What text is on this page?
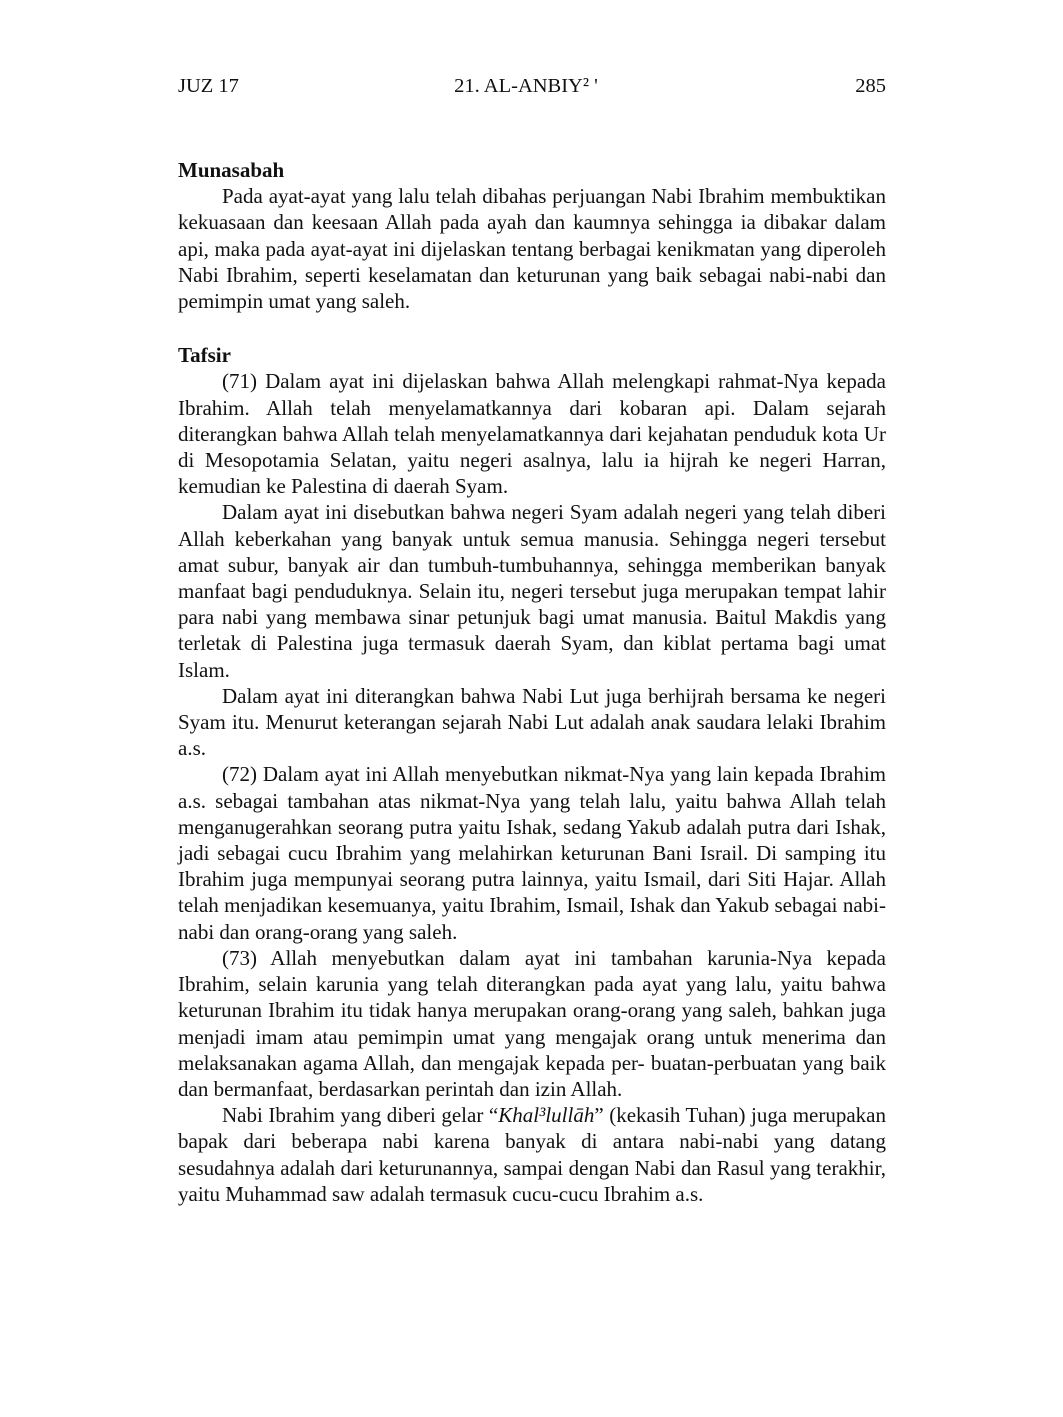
JUZ 17	21. AL-ANBIY² '	285
Munasabah

Pada ayat-ayat yang lalu telah dibahas perjuangan Nabi Ibrahim membuktikan kekuasaan dan keesaan Allah pada ayah dan kaumnya sehingga ia dibakar dalam api, maka pada ayat-ayat ini dijelaskan tentang berbagai kenikmatan yang diperoleh Nabi Ibrahim, seperti keselamatan dan keturunan yang baik sebagai nabi-nabi dan pemimpin umat yang saleh.

Tafsir

(71) Dalam ayat ini dijelaskan bahwa Allah melengkapi rahmat-Nya kepada Ibrahim. Allah telah menyelamatkannya dari kobaran api. Dalam sejarah diterangkan bahwa Allah telah menyelamatkannya dari kejahatan penduduk kota Ur di Mesopotamia Selatan, yaitu negeri asalnya, lalu ia hijrah ke negeri Harran, kemudian ke Palestina di daerah Syam.

Dalam ayat ini disebutkan bahwa negeri Syam adalah negeri yang telah diberi Allah keberkahan yang banyak untuk semua manusia. Sehingga negeri tersebut amat subur, banyak air dan tumbuh-tumbuhannya, sehingga memberikan banyak manfaat bagi penduduknya. Selain itu, negeri tersebut juga merupakan tempat lahir para nabi yang membawa sinar petunjuk bagi umat manusia. Baitul Makdis yang terletak di Palestina juga termasuk daerah Syam, dan kiblat pertama bagi umat Islam.

Dalam ayat ini diterangkan bahwa Nabi Lut juga berhijrah bersama ke negeri Syam itu. Menurut keterangan sejarah Nabi Lut adalah anak saudara lelaki Ibrahim a.s.

(72) Dalam ayat ini Allah menyebutkan nikmat-Nya yang lain kepada Ibrahim a.s. sebagai tambahan atas nikmat-Nya yang telah lalu, yaitu bahwa Allah telah menganugerahkan seorang putra yaitu Ishak, sedang Yakub adalah putra dari Ishak, jadi sebagai cucu Ibrahim yang melahirkan keturunan Bani Israil. Di samping itu Ibrahim juga mempunyai seorang putra lainnya, yaitu Ismail, dari Siti Hajar. Allah telah menjadikan kesemuanya, yaitu Ibrahim, Ismail, Ishak dan Yakub sebagai nabi-nabi dan orang-orang yang saleh.

(73) Allah menyebutkan dalam ayat ini tambahan karunia-Nya kepada Ibrahim, selain karunia yang telah diterangkan pada ayat yang lalu, yaitu bahwa keturunan Ibrahim itu tidak hanya merupakan orang-orang yang saleh, bahkan juga menjadi imam atau pemimpin umat yang mengajak orang untuk menerima dan melaksanakan agama Allah, dan mengajak kepada per- buatan-perbuatan yang baik dan bermanfaat, berdasarkan perintah dan izin Allah.

Nabi Ibrahim yang diberi gelar “Khal³lullāh” (kekasih Tuhan) juga merupakan bapak dari beberapa nabi karena banyak di antara nabi-nabi yang datang sesudahnya adalah dari keturunannya, sampai dengan Nabi dan Rasul yang terakhir, yaitu Muhammad saw adalah termasuk cucu-cucu Ibrahim a.s.
